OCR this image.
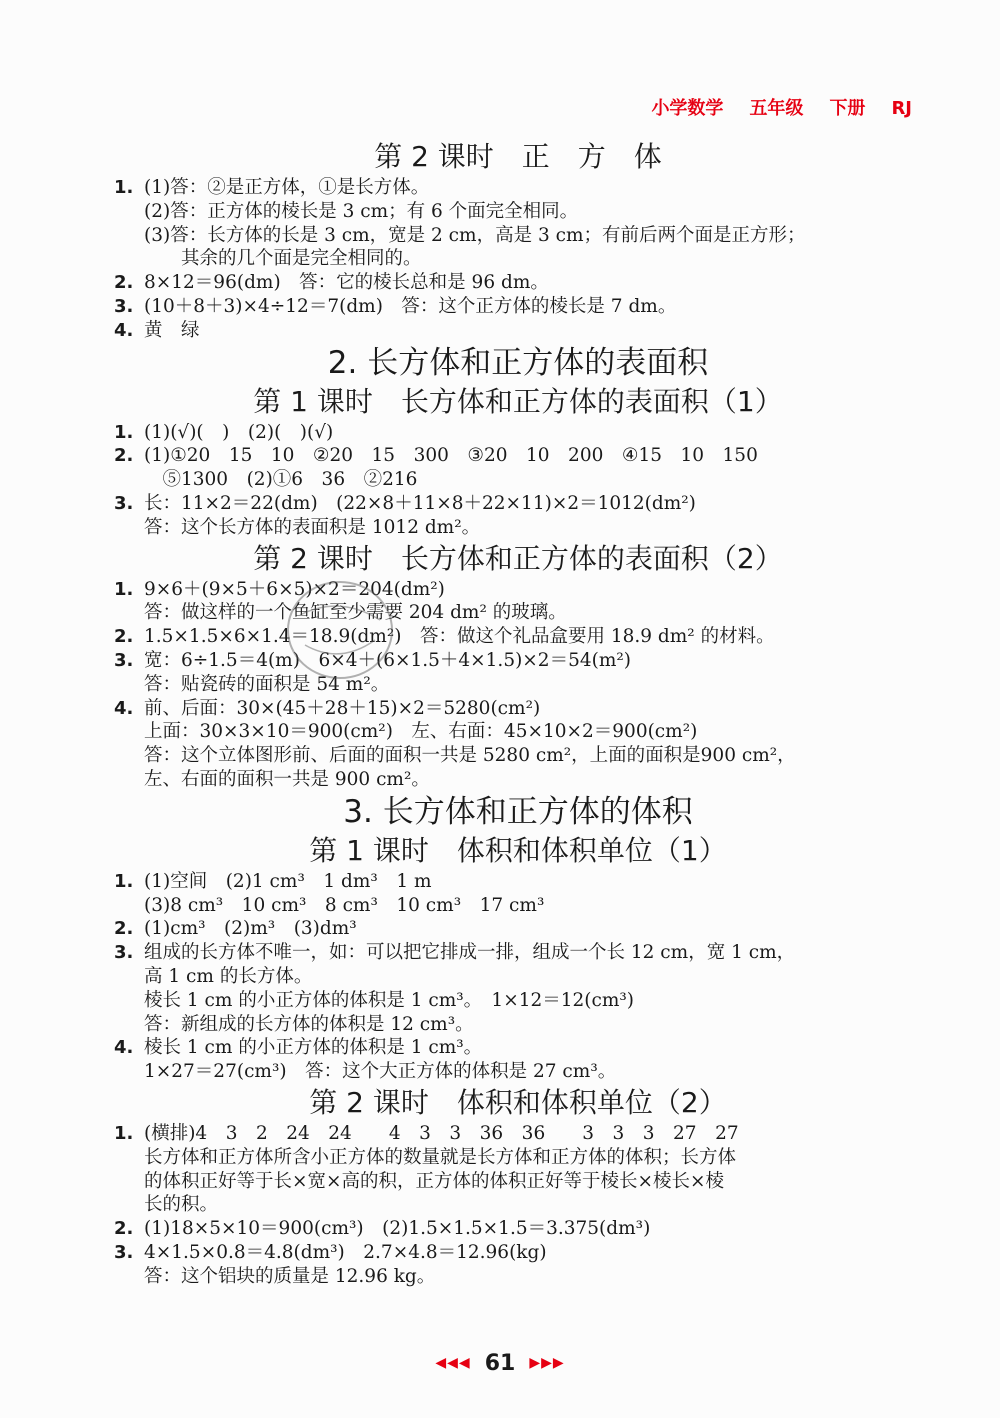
小学数学 五年级 下册 RJ
第 2 课时　正　方　体
1. (1)答：②是正方体，①是长方体。
(2)答：正方体的棱长是 3 cm；有 6 个面完全相同。
(3)答：长方体的长是 3 cm，宽是 2 cm，高是 3 cm；有前后两个面是正方形；
　　其余的几个面是完全相同的。
2. 8×12＝96(dm)　答：它的棱长总和是 96 dm。
3. (10＋8＋3)×4÷12＝7(dm)　答：这个正方体的棱长是 7 dm。
4. 黄　绿
2. 长方体和正方体的表面积
第 1 课时　长方体和正方体的表面积（1）
1. (1)(√)(　)　(2)(　)(√)
2. (1)①20　15　10　②20　15　300　③20　10　200　④15　10　150
　⑤1300　(2)①6　36　②216
3. 长：11×2＝22(dm)　(22×8＋11×8＋22×11)×2＝1012(dm²)
答：这个长方体的表面积是 1012 dm²。
第 2 课时　长方体和正方体的表面积（2）
1. 9×6＋(9×5＋6×5)×2＝204(dm²)
答：做这样的一个鱼缸至少需要 204 dm² 的玻璃。
2. 1.5×1.5×6×1.4＝18.9(dm²)　答：做这个礼品盒要用 18.9 dm² 的材料。
3. 宽：6÷1.5＝4(m)　6×4＋(6×1.5＋4×1.5)×2＝54(m²)
答：贴瓷砖的面积是 54 m²。
4. 前、后面：30×(45＋28＋15)×2＝5280(cm²)
上面：30×3×10＝900(cm²)　左、右面：45×10×2＝900(cm²)
答：这个立体图形前、后面的面积一共是 5280 cm²，上面的面积是900 cm²，
左、右面的面积一共是 900 cm²。
3. 长方体和正方体的体积
第 1 课时　体积和体积单位（1）
1. (1)空间　(2)1 cm³　1 dm³　1 m
(3)8 cm³　10 cm³　8 cm³　10 cm³　17 cm³
2. (1)cm³　(2)m³　(3)dm³
3. 组成的长方体不唯一，如：可以把它排成一排，组成一个长 12 cm，宽 1 cm，
高 1 cm 的长方体。
棱长 1 cm 的小正方体的体积是 1 cm³。　1×12＝12(cm³)
答：新组成的长方体的体积是 12 cm³。
4. 棱长 1 cm 的小正方体的体积是 1 cm³。
1×27＝27(cm³)　答：这个大正方体的体积是 27 cm³。
第 2 课时　体积和体积单位（2）
1. (横排)4　3　2　24　24　　4　3　3　36　36　　3　3　3　27　27
长方体和正方体所含小正方体的数量就是长方体和正方体的体积；长方体
的体积正好等于长×宽×高的积，正方体的体积正好等于棱长×棱长×棱
长的积。
2. (1)18×5×10＝900(cm³)　(2)1.5×1.5×1.5＝3.375(dm³)
3. 4×1.5×0.8＝4.8(dm³)　2.7×4.8＝12.96(kg)
答：这个铝块的质量是 12.96 kg。
◀◀◀ 61 ▶▶▶
